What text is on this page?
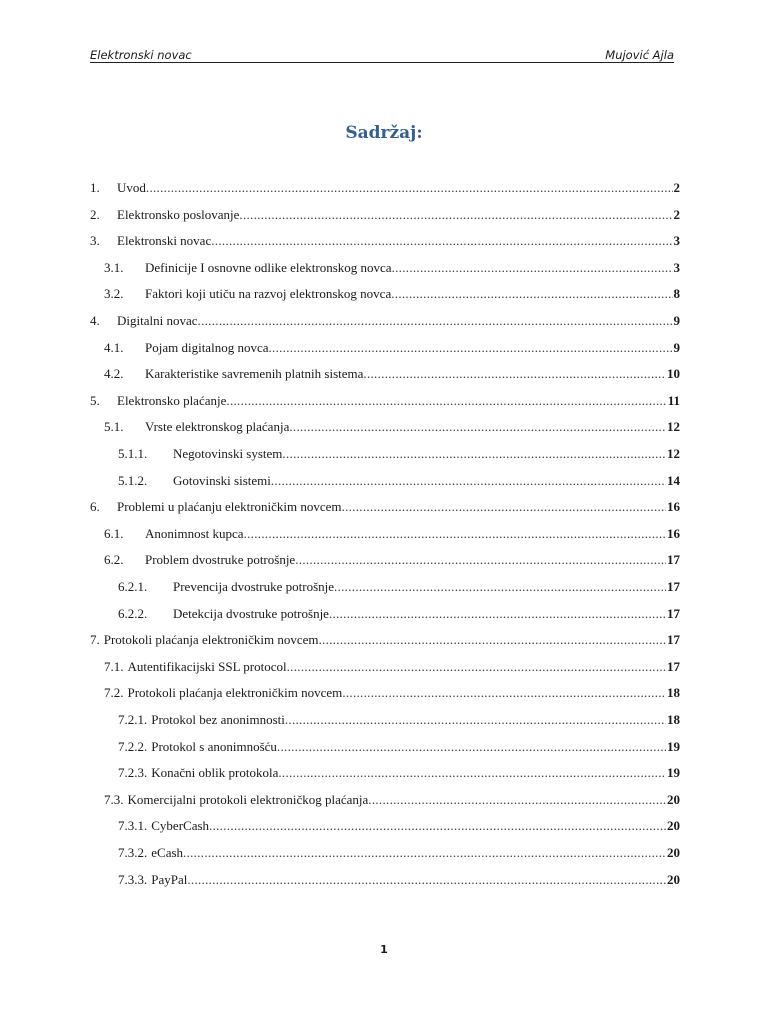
Elektronski novac	Mujović Ajla
Sadržaj:
1.	Uvod .....	2
2.	Elektronsko poslovanje .....	2
3.	Elektronski novac .....	3
3.1.	Definicije I osnovne odlike elektronskog novca .....	3
3.2.	Faktori koji utiču na razvoj elektronskog novca .....	8
4.	Digitalni novac .....	9
4.1.	Pojam digitalnog novca .....	9
4.2.	Karakteristike savremenih platnih sistema .....	10
5.	Elektronsko plaćanje .....	11
5.1.	Vrste elektronskog plaćanja .....	12
5.1.1.	Negotovinski system .....	12
5.1.2.	Gotovinski sistemi .....	14
6.	Problemi u plaćanju elektroničkim novcem .....	16
6.1.	Anonimnost kupca .....	16
6.2.	Problem dvostruke potrošnje .....	17
6.2.1.	Prevencija dvostruke potrošnje .....	17
6.2.2.	Detekcija dvostruke potrošnje .....	17
7. Protokoli plaćanja elektroničkim novcem .....	17
7.1. Autentifikacijski SSL protocol .....	17
7.2. Protokoli plaćanja elektroničkim novcem .....	18
7.2.1. Protokol bez anonimnosti .....	18
7.2.2. Protokol s anonimnošću .....	19
7.2.3. Konačni oblik protokola .....	19
7.3. Komercijalni protokoli elektroničkog plaćanja .....	20
7.3.1. CyberCash .....	20
7.3.2. eCash .....	20
7.3.3. PayPal .....	20
1
